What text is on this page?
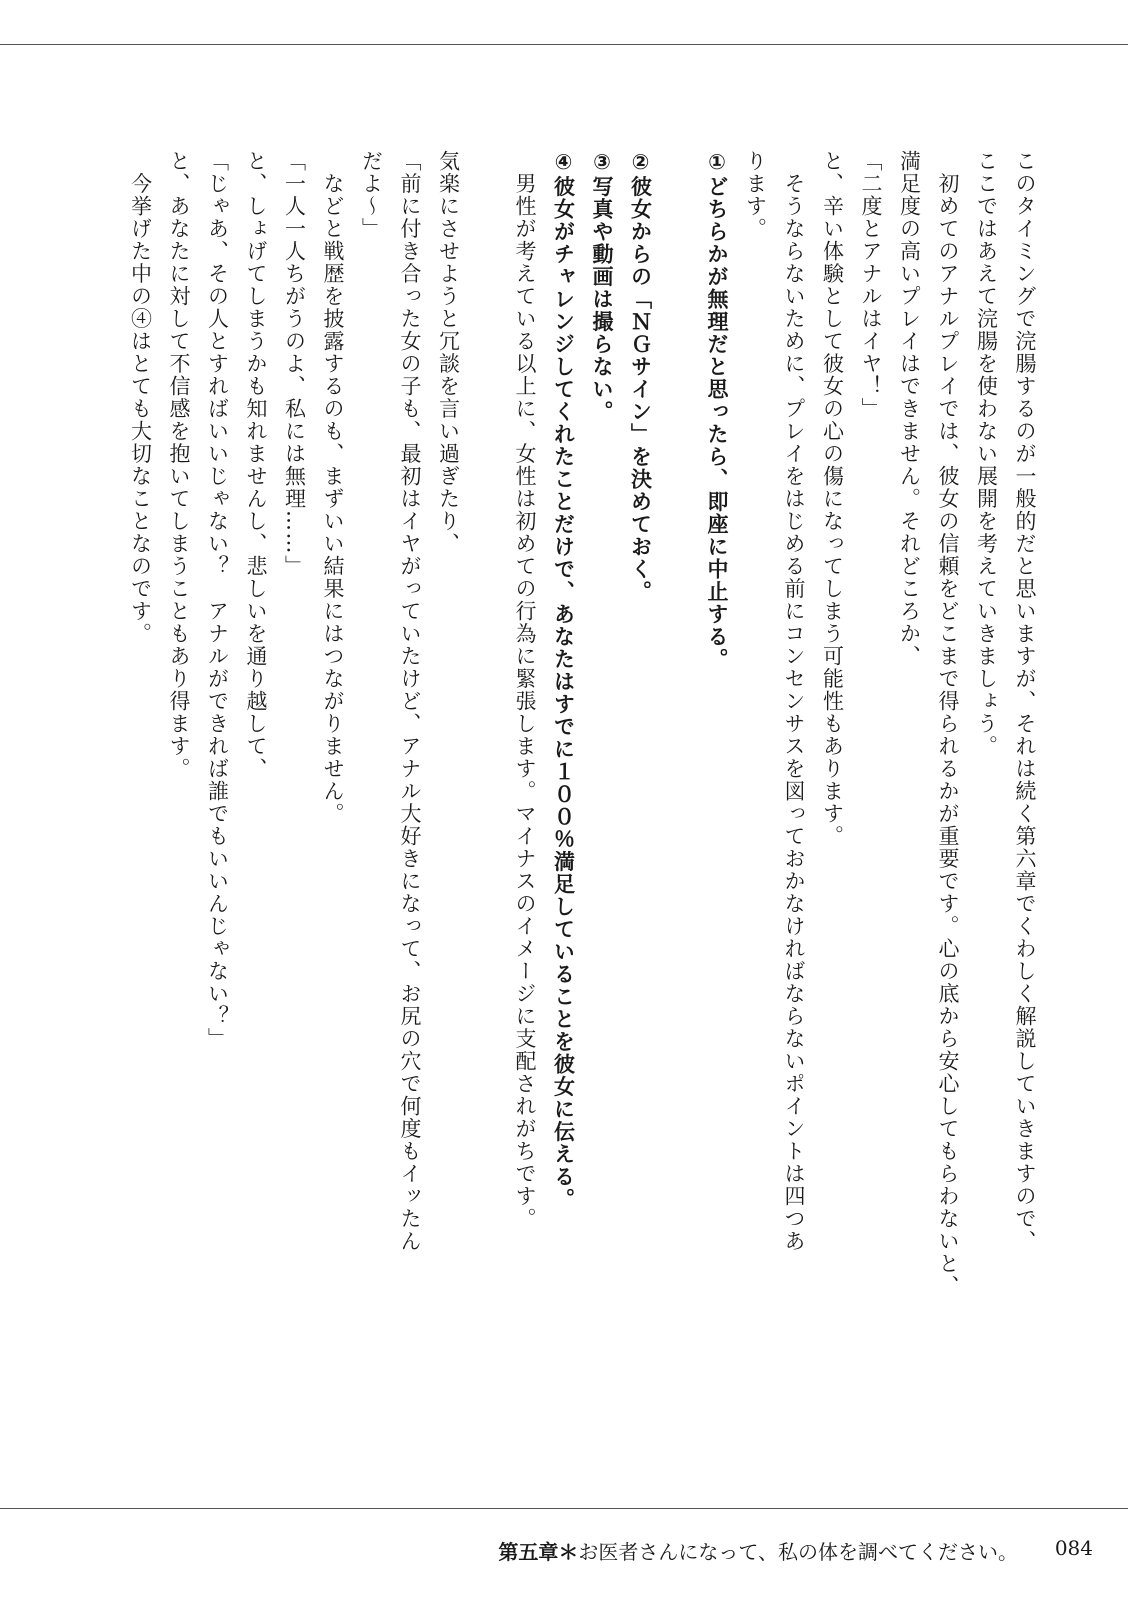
このタイミングで浣腸するのが一般的だと思いますが、それは続く第六章でくわしく解説していきますので、
ここではあえて浣腸を使わない展開を考えていきましょう。
　初めてのアナルプレイでは、彼女の信頼をどこまで得られるかが重要です。心の底から安心してもらわないと、
満足度の高いプレイはできません。それどころか、
「二度とアナルはイヤ！」
と、辛い体験として彼女の心の傷になってしまう可能性もあります。
　そうならないために、プレイをはじめる前にコンセンサスを図っておかなければならないポイントは四つあ
ります。
①どちらかが無理だと思ったら、即座に中止する。
②彼女からの「ＮＧサイン」を決めておく。
③写真や動画は撮らない。
④彼女がチャレンジしてくれたことだけで、あなたはすでに１００％満足していることを彼女に伝える。
　男性が考えている以上に、女性は初めての行為に緊張します。マイナスのイメージに支配されがちです。
気楽にさせようと冗談を言い過ぎたり、
「前に付き合った女の子も、最初はイヤがっていたけど、アナル大好きになって、お尻の穴で何度もイッたん
だよ〜」
　などと戦歴を披露するのも、まずいい結果にはつながりません。
「一人一人ちがうのよ、私には無理……」
と、しょげてしまうかも知れませんし、悲しいを通り越して、
「じゃあ、その人とすればいいじゃない？　アナルができれば誰でもいいんじゃない？」
と、あなたに対して不信感を抱いてしまうこともあり得ます。
　今挙げた中の④はとても大切なことなのです。
第五章 ＊ お医者さんになって、私の体を調べてください。 084
